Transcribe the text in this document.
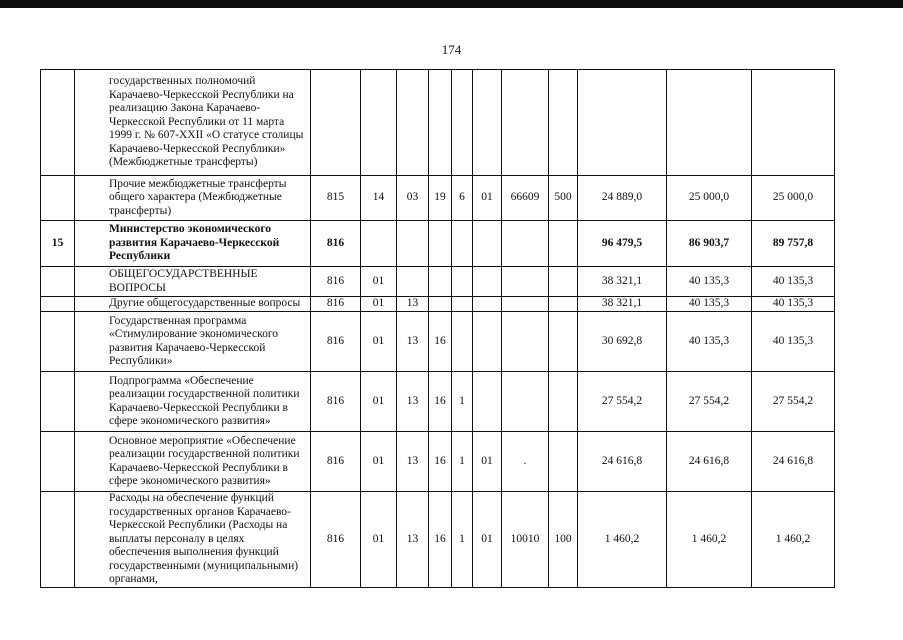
174
	государственных полномочий Карачаево-Черкесской Республики на реализацию Закона Карачаево-Черкесской Республики от 11 марта 1999 г. № 607-XXII «О статусе столицы Карачаево-Черкесской Республики» (Межбюджетные трансферты)											
	Прочие межбюджетные трансферты общего характера (Межбюджетные трансферты)	815	14	03	19	6	01	66609	500	24 889,0	25 000,0	25 000,0
15	Министерство экономического развития Карачаево-Черкесской Республики	816								96 479,5	86 903,7	89 757,8
	ОБЩЕГОСУДАРСТВЕННЫЕ ВОПРОСЫ	816	01							38 321,1	40 135,3	40 135,3
	Другие общегосударственные вопросы	816	01	13						38 321,1	40 135,3	40 135,3
	Государственная программа «Стимулирование экономического развития Карачаево-Черкесской Республики»	816	01	13	16					30 692,8	40 135,3	40 135,3
	Подпрограмма «Обеспечение реализации государственной политики Карачаево-Черкесской Республики в сфере экономического развития»	816	01	13	16	1				27 554,2	27 554,2	27 554,2
	Основное мероприятие «Обеспечение реализации государственной политики Карачаево-Черкесской Республики в сфере экономического развития»	816	01	13	16	1	01	.		24 616,8	24 616,8	24 616,8
	Расходы на обеспечение функций государственных органов Карачаево-Черкесской Республики (Расходы на выплаты персоналу в целях обеспечения выполнения функций государственными (муниципальными) органами,	816	01	13	16	1	01	10010	100	1 460,2	1 460,2	1 460,2
